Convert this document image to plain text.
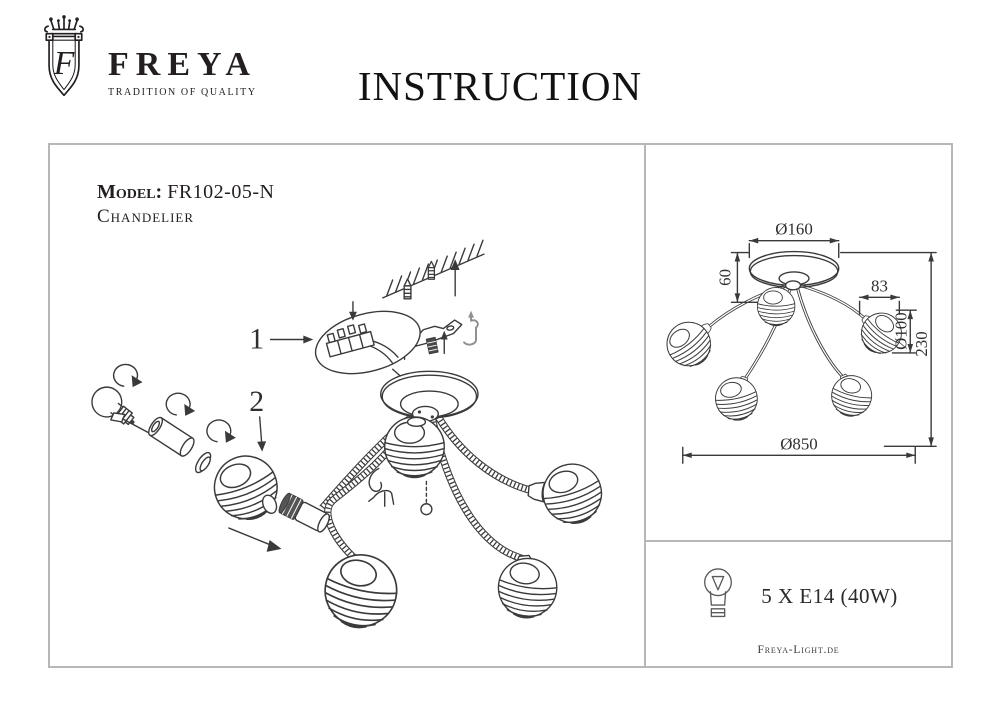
F FREYA
TRADITION OF QUALITY	INSTRUCTION
1
2
Model: FR102-05-N
Chandelier
Ø160
60	83
Ø100 230
Ø850
5 X E14 (40W)
Freya-Light.de
